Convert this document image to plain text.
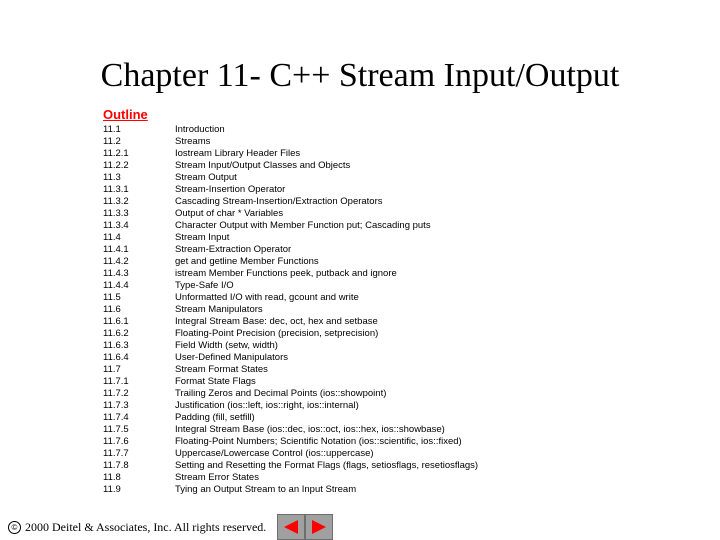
Chapter 11- C++ Stream Input/Output
Outline
11.1	Introduction
11.2	Streams
11.2.1	Iostream Library Header Files
11.2.2	Stream Input/Output Classes and Objects
11.3	Stream Output
11.3.1	Stream-Insertion Operator
11.3.2	Cascading Stream-Insertion/Extraction Operators
11.3.3	Output of char * Variables
11.3.4	Character Output with Member Function put; Cascading puts
11.4	Stream Input
11.4.1	Stream-Extraction Operator
11.4.2	get and getline Member Functions
11.4.3	istream Member Functions peek, putback and ignore
11.4.4	Type-Safe I/O
11.5	Unformatted I/O with read, gcount and write
11.6	Stream Manipulators
11.6.1	Integral Stream Base: dec, oct, hex and setbase
11.6.2	Floating-Point Precision (precision, setprecision)
11.6.3	Field Width (setw, width)
11.6.4	User-Defined Manipulators
11.7	Stream Format States
11.7.1	Format State Flags
11.7.2	Trailing Zeros and Decimal Points (ios::showpoint)
11.7.3	Justification (ios::left, ios::right, ios::internal)
11.7.4	Padding (fill, setfill)
11.7.5	Integral Stream Base (ios::dec, ios::oct, ios::hex, ios::showbase)
11.7.6	Floating-Point Numbers; Scientific Notation (ios::scientific, ios::fixed)
11.7.7	Uppercase/Lowercase Control (ios::uppercase)
11.7.8	Setting and Resetting the Format Flags (flags, setiosflags, resetiosflags)
11.8	Stream Error States
11.9	Tying an Output Stream to an Input Stream
© 2000 Deitel & Associates, Inc. All rights reserved.
